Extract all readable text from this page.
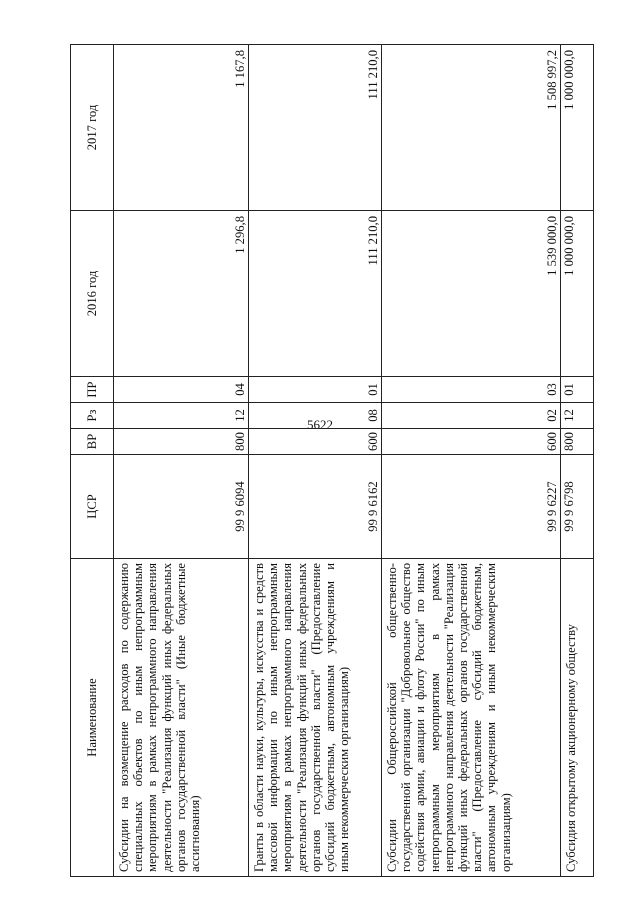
5622
Наименование	ЦСР	ВР	Рз	ПР	2016 год	2017 год
Субсидии на возмещение расходов по содержанию специальных объектов по иным непрограммным мероприятиям в рамках непрограммного направления деятельности "Реализация функций иных федеральных органов государственной власти" (Иные бюджетные ассигнования)	99 9 6094	800	12	04	1 296,8	1 167,8
Гранты в области науки, культуры, искусства и средств массовой информации по иным непрограммным мероприятиям в рамках непрограммного направления деятельности "Реализация функций иных федеральных органов государственной власти" (Предоставление субсидий бюджетным, автономным учреждениям и иным некоммерческим организациям)	99 9 6162	600	08	01	111 210,0	111 210,0
Субсидии Общероссийской общественно-государственной организации "Добровольное общество содействия армии, авиации и флоту России" по иным непрограммным мероприятиям в рамках непрограммного направления деятельности "Реализация функций иных федеральных органов государственной власти" (Предоставление субсидий бюджетным, автономным учреждениям и иным некоммерческим организациям)	99 9 6227	600	02	03	1 539 000,0	1 508 997,2
Субсидия открытому акционерному обществу	99 9 6798	800	12	01	1 000 000,0	1 000 000,0
